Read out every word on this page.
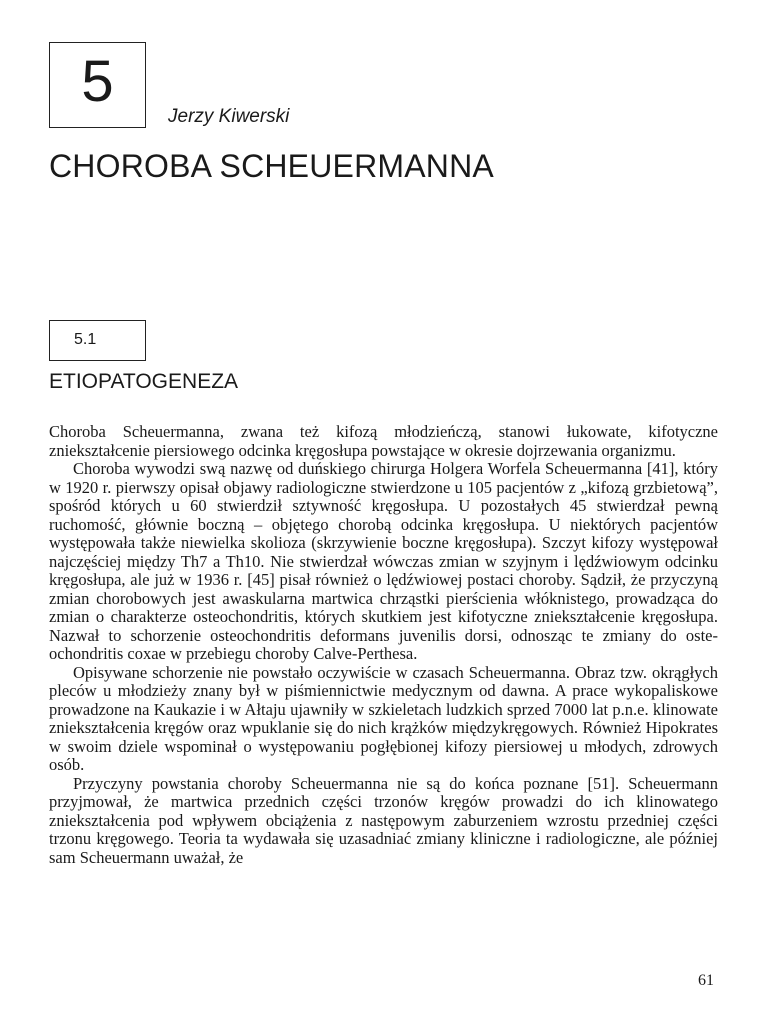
5
Jerzy Kiwerski
CHOROBA SCHEUERMANNA
5.1
ETIOPATOGENEZA

Choroba Scheuermanna, zwana też kifozą młodzieńczą, stanowi łukowate, kifotyczne zniekształcenie piersiowego odcinka kręgosłupa powstające w okresie dojrzewania organizmu.

Choroba wywodzi swą nazwę od duńskiego chirurga Holgera Worfela Scheuermanna [41], który w 1920 r. pierwszy opisał objawy radiologiczne stwierdzone u 105 pacjentów z „kifozą grzbietową”, spośród których u 60 stwierdził sztywność kręgosłupa. U pozostałych 45 stwierdzał pewną ruchomość, głównie boczną – objętego chorobą odcinka kręgosłupa. U niektórych pacjentów występowała także niewielka skolioza (skrzywienie boczne kręgosłupa). Szczyt kifozy występował najczęściej między Th7 a Th10. Nie stwierdzał wówczas zmian w szyjnym i lędźwiowym odcinku kręgosłupa, ale już w 1936 r. [45] pisał również o lędźwiowej postaci choroby. Sądził, że przyczyną zmian chorobowych jest awaskularna martwica chrząstki pierścienia włóknistego, prowadząca do zmian o charakterze osteochondritis, których skutkiem jest kifotyczne zniekształcenie kręgosłupa. Nazwał to schorzenie osteochondritis deformans juvenilis dorsi, odnosząc te zmiany do osteochondritis coxae w przebiegu choroby Calve-Perthesa.

Opisywane schorzenie nie powstało oczywiście w czasach Scheuermanna. Obraz tzw. okrągłych pleców u młodzieży znany był w piśmiennictwie medycznym od dawna. A prace wykopaliskowe prowadzone na Kaukazie i w Ałtaju ujawniły w szkieletach ludzkich sprzed 7000 lat p.n.e. klinowate zniekształcenia kręgów oraz wpuklanie się do nich krążków międzykręgowych. Również Hipokrates w swoim dziele wspominał o występowaniu pogłębionej kifozy piersiowej u młodych, zdrowych osób.

Przyczyny powstania choroby Scheuermanna nie są do końca poznane [51]. Scheuermann przyjmował, że martwica przednich części trzonów kręgów prowadzi do ich klinowatego zniekształcenia pod wpływem obciążenia z następowym zaburzeniem wzrostu przedniej części trzonu kręgowego. Teoria ta wydawała się uzasadniać zmiany kliniczne i radiologiczne, ale później sam Scheuermann uważał, że

61
